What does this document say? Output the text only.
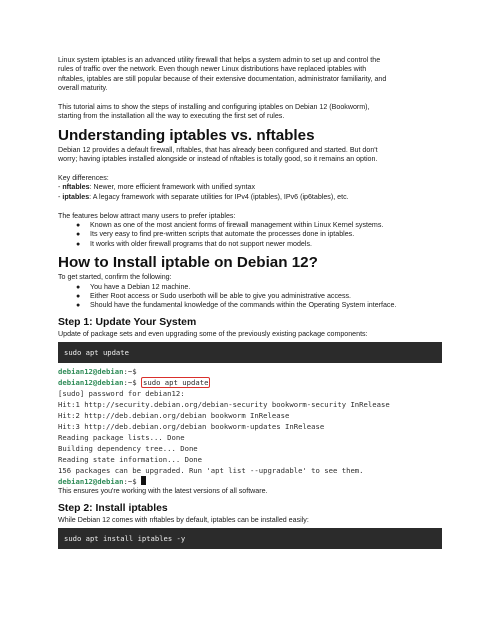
Linux system iptables is an advanced utility firewall that helps a system admin to set up and control the

rules of traffic over the network. Even though newer Linux distributions have replaced iptables with

nftables, iptables are still popular because of their extensive documentation, administrator familiarity, and

overall maturity.

This tutorial aims to show the steps of installing and configuring iptables on Debian 12 (Bookworm),

starting from the installation all the way to executing the first set of rules.

Understanding iptables vs. nftables

Debian 12 provides a default firewall, nftables, that has already been configured and started. But don't

worry; having iptables installed alongside or instead of nftables is totally good, so it remains an option.

Key differences:

- nftables: Newer, more efficient framework with unified syntax

- iptables: A legacy framework with separate utilities for IPv4 (iptables), IPv6 (ip6tables), etc.

The features below attract many users to prefer iptables:

● Known as one of the most ancient forms of firewall management within Linux Kernel systems.
● Its very easy to find pre-written scripts that automate the processes done in iptables.
● It works with older firewall programs that do not support newer models.
How to Install iptable on Debian 12?

To get started, confirm the following:

● You have a Debian 12 machine.
● Either Root access or Sudo userboth will be able to give you administrative access.
● Should have the fundamental knowledge of the commands within the Operating System interface.
Step 1: Update Your System

Update of package sets and even upgrading some of the previously existing package components:

sudo apt update
debian12@debian:~$
debian12@debian:~$ sudo apt update
[sudo] password for debian12:
Hit:1 http://security.debian.org/debian-security bookworm-security InRelease
Hit:2 http://deb.debian.org/debian bookworm InRelease
Hit:3 http://deb.debian.org/debian bookworm-updates InRelease
Reading package lists... Done
Building dependency tree... Done
Reading state information... Done
156 packages can be upgraded. Run 'apt list --upgradable' to see them.
debian12@debian:~$

This ensures you're working with the latest versions of all software.

Step 2: Install iptables

While Debian 12 comes with nftables by default, iptables can be installed easily:

sudo apt install iptables -y
